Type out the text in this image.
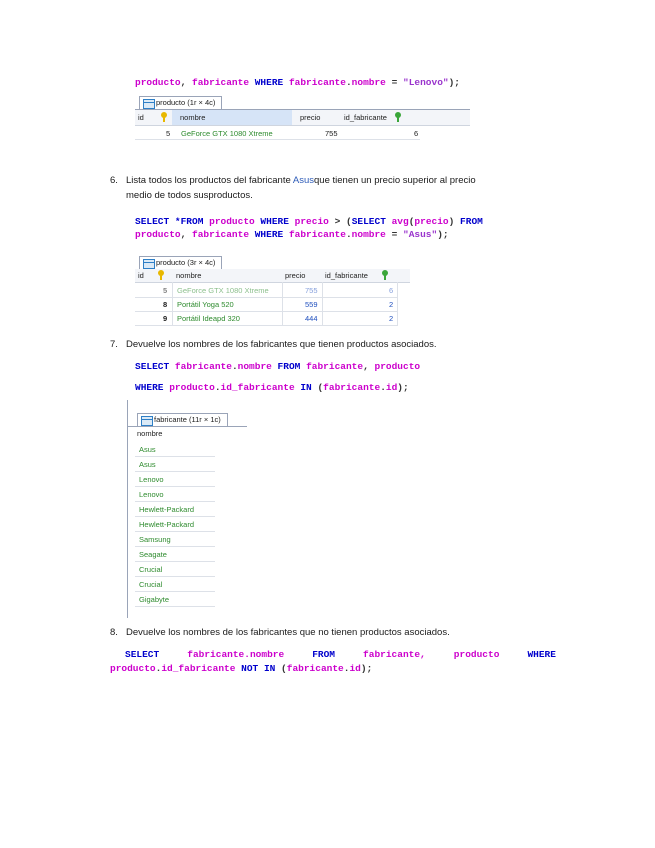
producto, fabricante WHERE fabricante.nombre = "Lenovo");
producto (1r × 4c)
id	nombre	precio	id_fabricante
5 GeForce GTX 1080 Xtreme	755	6
6. Lista todos los productos del fabricante Asusque tienen un precio superior al precio
medio de todos susproductos.
SELECT *FROM producto WHERE precio > (SELECT avg(precio) FROM
producto, fabricante WHERE fabricante.nombre = "Asus");
producto (3r × 4c)
id	nombre	precio	id_fabricante
5 GeForce GTX 1080 Xtreme	755	6
8 Portátil Yoga 520	559	2
9 Portátil Ideapd 320	444	2
7. Devuelve los nombres de los fabricantes que tienen productos asociados.
SELECT fabricante.nombre FROM fabricante, producto
WHERE producto.id_fabricante IN (fabricante.id);
fabricante (11r × 1c)
nombre
Asus
Asus
Lenovo
Lenovo
Hewlett-Packard
Hewlett-Packard
Samsung
Seagate
Crucial
Crucial
Gigabyte
8. Devuelve los nombres de los fabricantes que no tienen productos asociados.
SELECT	fabricante.nombre	FROM	fabricante,	producto	WHERE
producto.id_fabricante NOT IN (fabricante.id);
